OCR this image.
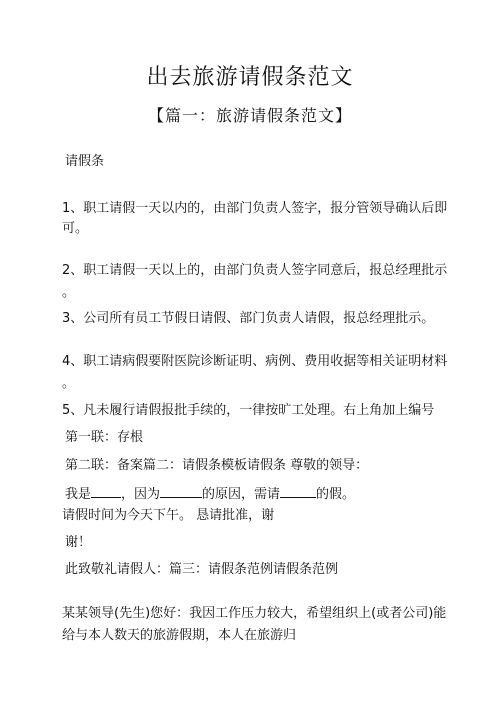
出去旅游请假条范文
【篇一：旅游请假条范文】
请假条
1、职工请假一天以内的，由部门负责人签字，报分管领导确认后即
可。
2、职工请假一天以上的，由部门负责人签字同意后，报总经理批示
。
3、公司所有员工节假日请假、部门负责人请假，报总经理批示。
4、职工请病假要附医院诊断证明、病例、费用收据等相关证明材料
。
5、凡未履行请假报批手续的，一律按旷工处理。右上角加上编号
第一联：存根
第二联：备案篇二：请假条模板请假条 尊敬的领导：
我是 ，因为	的原因，需请	的假。
请假时间为今天下午。 恳请批准，谢
谢！
此致敬礼请假人：篇三：请假条范例请假条范例
某某领导(先生)您好：我因工作压力较大，希望组织上(或者公司)能
给与本人数天的旅游假期，本人在旅游归
